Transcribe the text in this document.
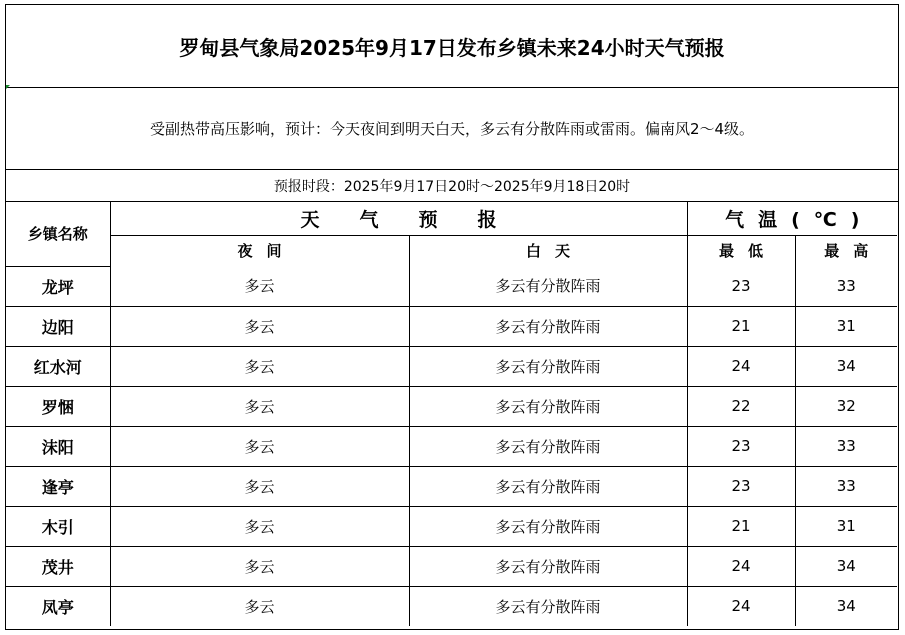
罗甸县气象局2025年9月17日发布乡镇未来24小时天气预报
受副热带高压影响，预计：今天夜间到明天白天，多云有分散阵雨或雷雨。偏南风2～4级。
预报时段：2025年9月17日20时～2025年9月18日20时
乡镇名称	天气预报		气温(℃)	
	夜间	白天	最低	最高
龙坪	多云	多云有分散阵雨	23	33
边阳	多云	多云有分散阵雨	21	31
红水河	多云	多云有分散阵雨	24	34
罗悃	多云	多云有分散阵雨	22	32
沫阳	多云	多云有分散阵雨	23	33
逢亭	多云	多云有分散阵雨	23	33
木引	多云	多云有分散阵雨	21	31
茂井	多云	多云有分散阵雨	24	34
凤亭	多云	多云有分散阵雨	24	34
